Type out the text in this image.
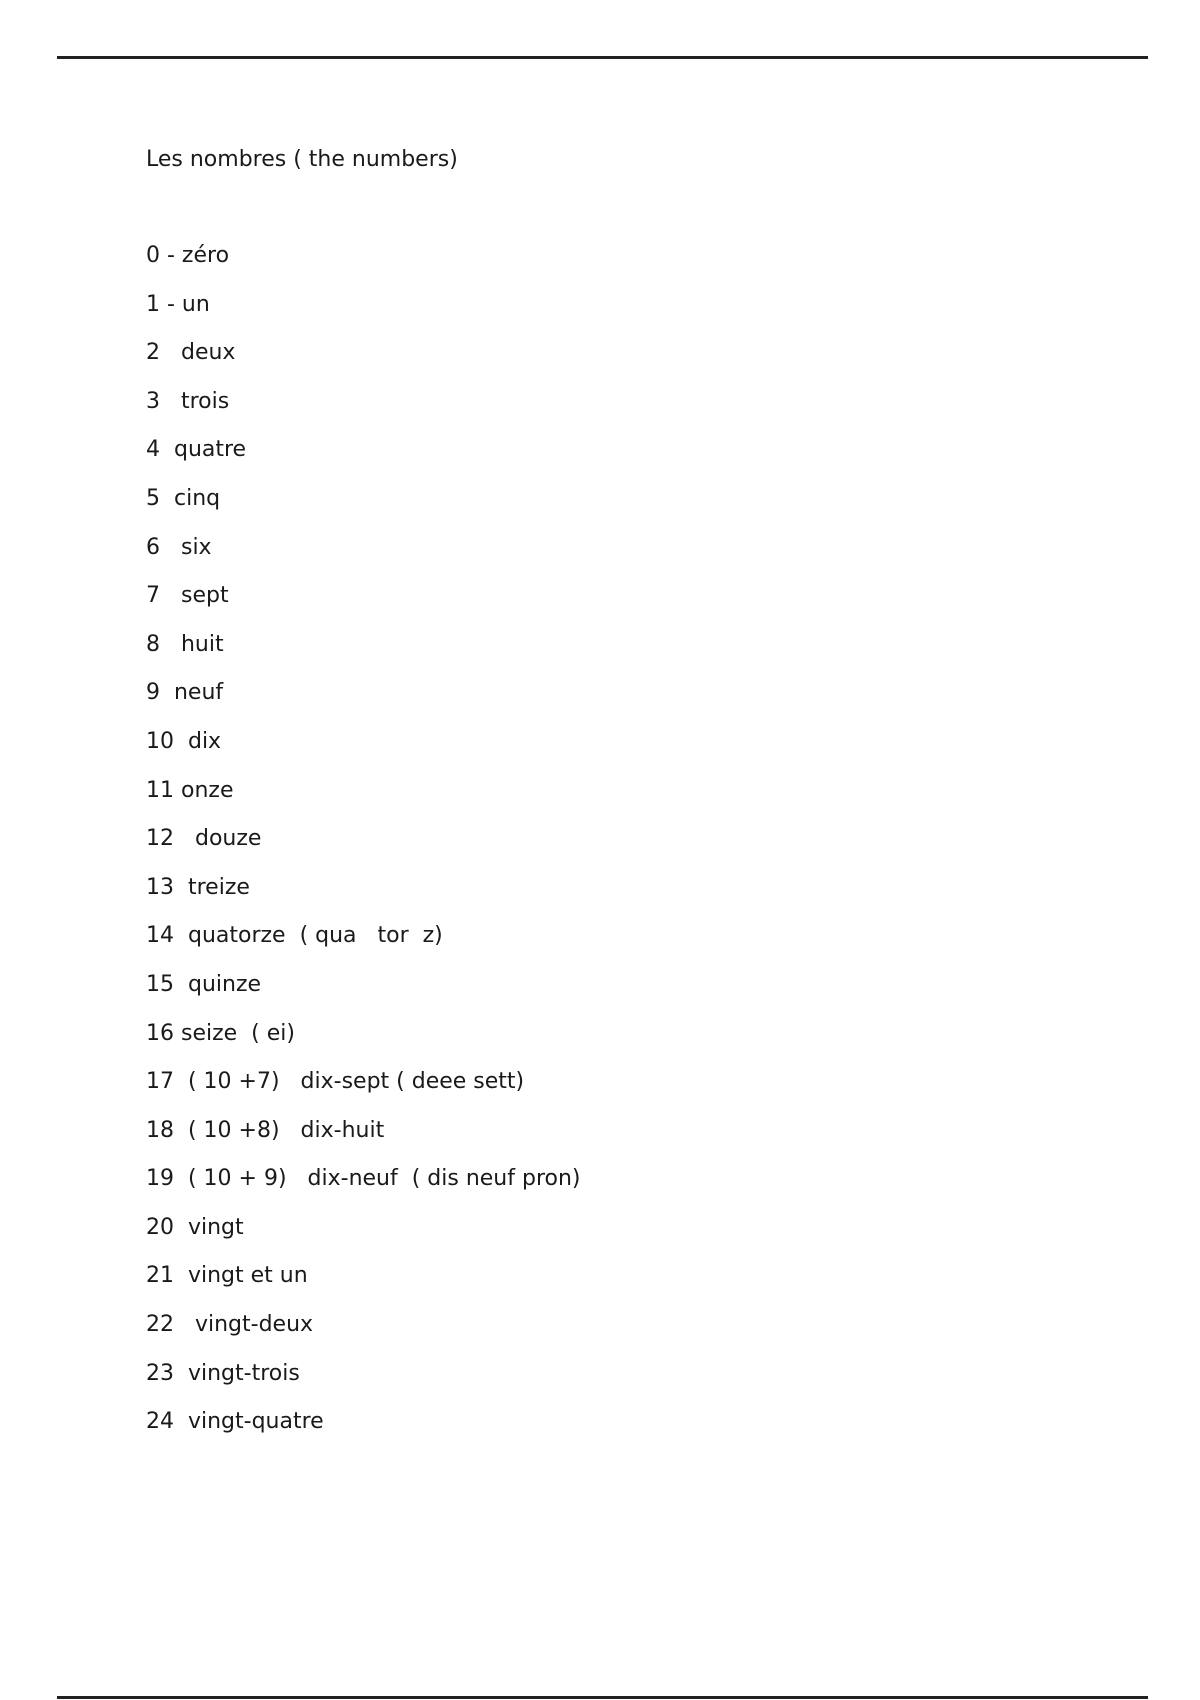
Les nombres ( the numbers)
0 - zéro
1 - un
2   deux
3   trois
4  quatre
5  cinq
6   six
7   sept
8   huit
9  neuf
10  dix
11 onze
12   douze
13  treize
14  quatorze  ( qua   tor  z)
15  quinze
16 seize  ( ei)
17  ( 10 +7)   dix-sept ( deee sett)
18  ( 10 +8)   dix-huit
19  ( 10 + 9)   dix-neuf  ( dis neuf pron)
20  vingt
21  vingt et un
22   vingt-deux
23  vingt-trois
24  vingt-quatre
